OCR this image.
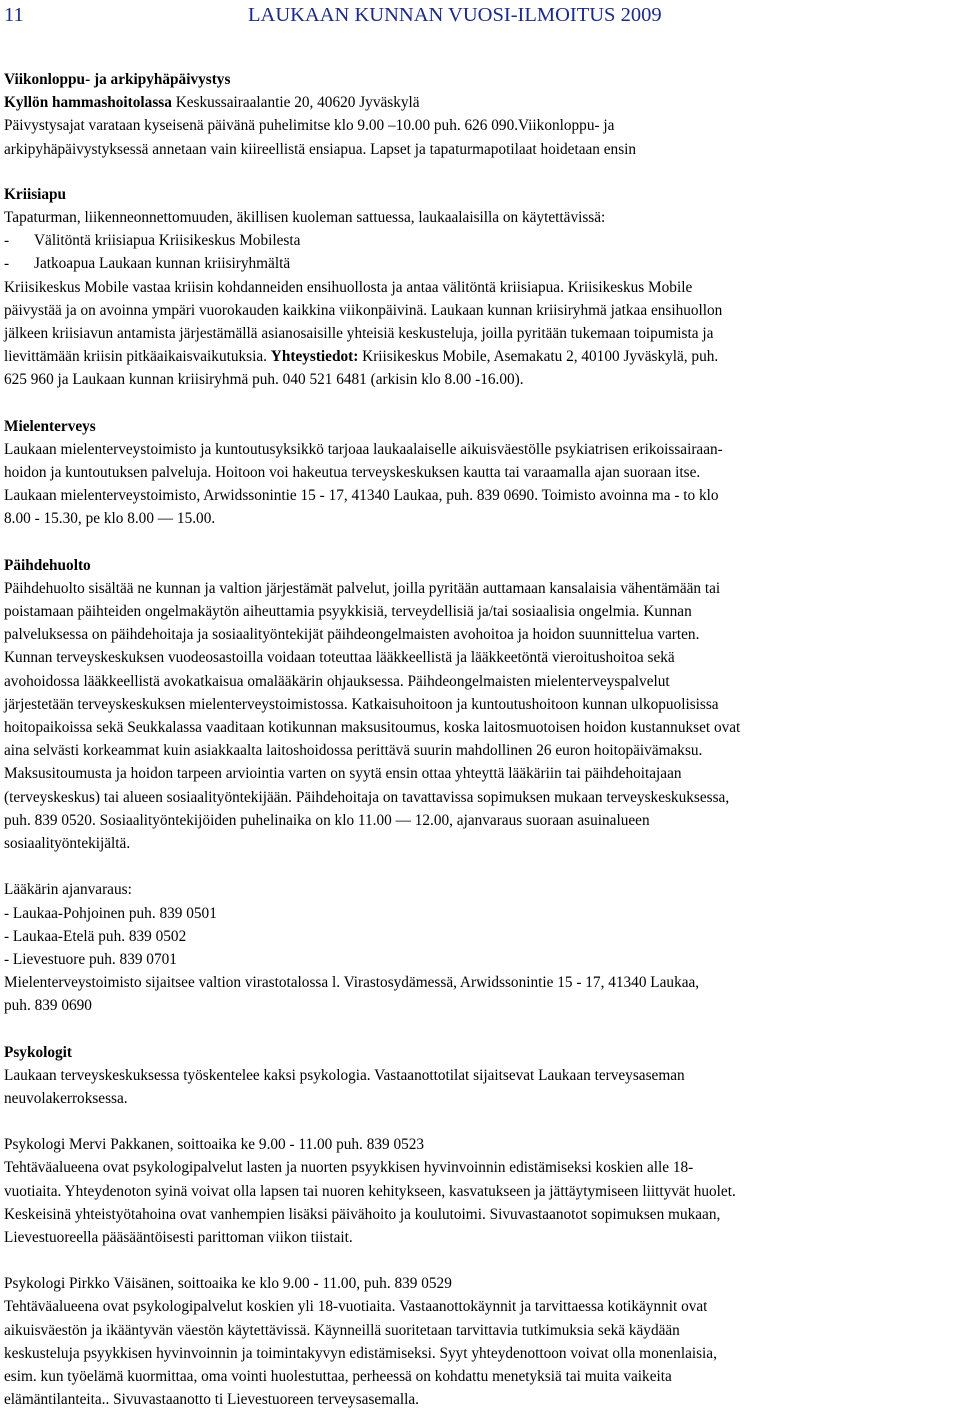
11	LAUKAAN KUNNAN VUOSI-ILMOITUS 2009
Viikonloppu- ja arkipyhäpäivystys
Kyllön hammashoitolassa Keskussairaalantie 20, 40620 Jyväskylä
Päivystysajat varataan kyseisenä päivänä puhelimitse klo 9.00 –10.00 puh. 626 090.Viikonloppu- ja
arkipyhäpäivystyksessä annetaan vain kiireellistä ensiapua. Lapset ja tapaturmapotilaat hoidetaan ensin
Kriisiapu
Tapaturman, liikenneonnettomuuden, äkillisen kuoleman sattuessa, laukaalaisilla on käytettävissä:
- Välitöntä kriisiapua Kriisikeskus Mobilesta
- Jatkoapua Laukaan kunnan kriisiryhmältä
Kriisikeskus Mobile vastaa kriisin kohdanneiden ensihuollosta ja antaa välitöntä kriisiapua. Kriisikeskus Mobile
päivystää ja on avoinna ympäri vuorokauden kaikkina viikonpäivinä. Laukaan kunnan kriisiryhmä jatkaa ensihuollon
jälkeen kriisiavun antamista järjestämällä asianosaisille yhteisiä keskusteluja, joilla pyritään tukemaan toipumista ja
lievittämään kriisin pitkäaikaisvaikutuksia. Yhteystiedot: Kriisikeskus Mobile, Asemakatu 2, 40100 Jyväskylä, puh.
625 960 ja Laukaan kunnan kriisiryhmä puh. 040 521 6481 (arkisin klo 8.00 -16.00).
Mielenterveys
Laukaan mielenterveystoimisto ja kuntoutusyksikkö tarjoaa laukaalaiselle aikuisväestölle psykiatrisen erikoissairaan-
hoidon ja kuntoutuksen palveluja. Hoitoon voi hakeutua terveyskeskuksen kautta tai varaamalla ajan suoraan itse.
Laukaan mielenterveystoimisto, Arwidssonintie 15 - 17, 41340 Laukaa, puh. 839 0690. Toimisto avoinna ma - to klo
8.00 - 15.30, pe klo 8.00 — 15.00.
Päihdehuolto
Päihdehuolto sisältää ne kunnan ja valtion järjestämät palvelut, joilla pyritään auttamaan kansalaisia vähentämään tai
poistamaan päihteiden ongelmakäytön aiheuttamia psyykkisiä, terveydellisiä ja/tai sosiaalisia ongelmia. Kunnan
palveluksessa on päihdehoitaja ja sosiaalityöntekijät päihdeongelmaisten avohoitoa ja hoidon suunnittelua varten.
Kunnan terveyskeskuksen vuodeosastoilla voidaan toteuttaa lääkkeellistä ja lääkkeetöntä vieroitushoitoa sekä
avohoidossa lääkkeellistä avokatkaisua omalääkärin ohjauksessa. Päihdeongelmaisten mielenterveyspalvelut
järjestetään terveyskeskuksen mielenterveystoimistossa. Katkaisuhoitoon ja kuntoutushoitoon kunnan ulkopuolisissa
hoitopaikoissa sekä Seukkalassa vaaditaan kotikunnan maksusitoumus, koska laitosmuotoisen hoidon kustannukset ovat
aina selvästi korkeammat kuin asiakkaalta laitoshoidossa perittävä suurin mahdollinen 26 euron hoitopäivämaksu.
Maksusitoumusta ja hoidon tarpeen arviointia varten on syytä ensin ottaa yhteyttä lääkäriin tai päihdehoitajaan
(terveyskeskus) tai alueen sosiaalityöntekijään. Päihdehoitaja on tavattavissa sopimuksen mukaan terveyskeskuksessa,
puh. 839 0520. Sosiaalityöntekijöiden puhelinaika on klo 11.00 — 12.00, ajanvaraus suoraan asuinalueen
sosiaalityöntekijältä.
Lääkärin ajanvaraus:
- Laukaa-Pohjoinen puh. 839 0501
- Laukaa-Etelä puh. 839 0502
- Lievestuore puh. 839 0701
Mielenterveystoimisto sijaitsee valtion virastotalossa l. Virastosydämessä, Arwidssonintie 15 - 17, 41340 Laukaa,
puh. 839 0690
Psykologit
Laukaan terveyskeskuksessa työskentelee kaksi psykologia. Vastaanottotilat sijaitsevat Laukaan terveysaseman
neuvolakerroksessa.
Psykologi Mervi Pakkanen, soittoaika ke 9.00 - 11.00 puh. 839 0523
Tehtäväalueena ovat psykologipalvelut lasten ja nuorten psyykkisen hyvinvoinnin edistämiseksi koskien alle 18-
vuotiaita. Yhteydenoton syinä voivat olla lapsen tai nuoren kehitykseen, kasvatukseen ja jättäytymiseen liittyvät huolet.
Keskeisinä yhteistyötahoina ovat vanhempien lisäksi päivähoito ja koulutoimi. Sivuvastaanotot sopimuksen mukaan,
Lievestuoreella pääsääntöisesti parittoman viikon tiistait.
Psykologi Pirkko Väisänen, soittoaika ke klo 9.00 - 11.00, puh. 839 0529
Tehtäväalueena ovat psykologipalvelut koskien yli 18-vuotiaita. Vastaanottokäynnit ja tarvittaessa kotikäynnit ovat
aikuisväestön ja ikääntyvän väestön käytettävissä. Käynneillä suoritetaan tarvittavia tutkimuksia sekä käydään
keskusteluja psyykkisen hyvinvoinnin ja toimintakyvyn edistämiseksi. Syyt yhteydenottoon voivat olla monenlaisia,
esim. kun työelämä kuormittaa, oma vointi huolestuttaa, perheessä on kohdattu menetyksiä tai muita vaikeita
elämäntilanteita.. Sivuvastaanotto ti Lievestuoreen terveysasemalla.
